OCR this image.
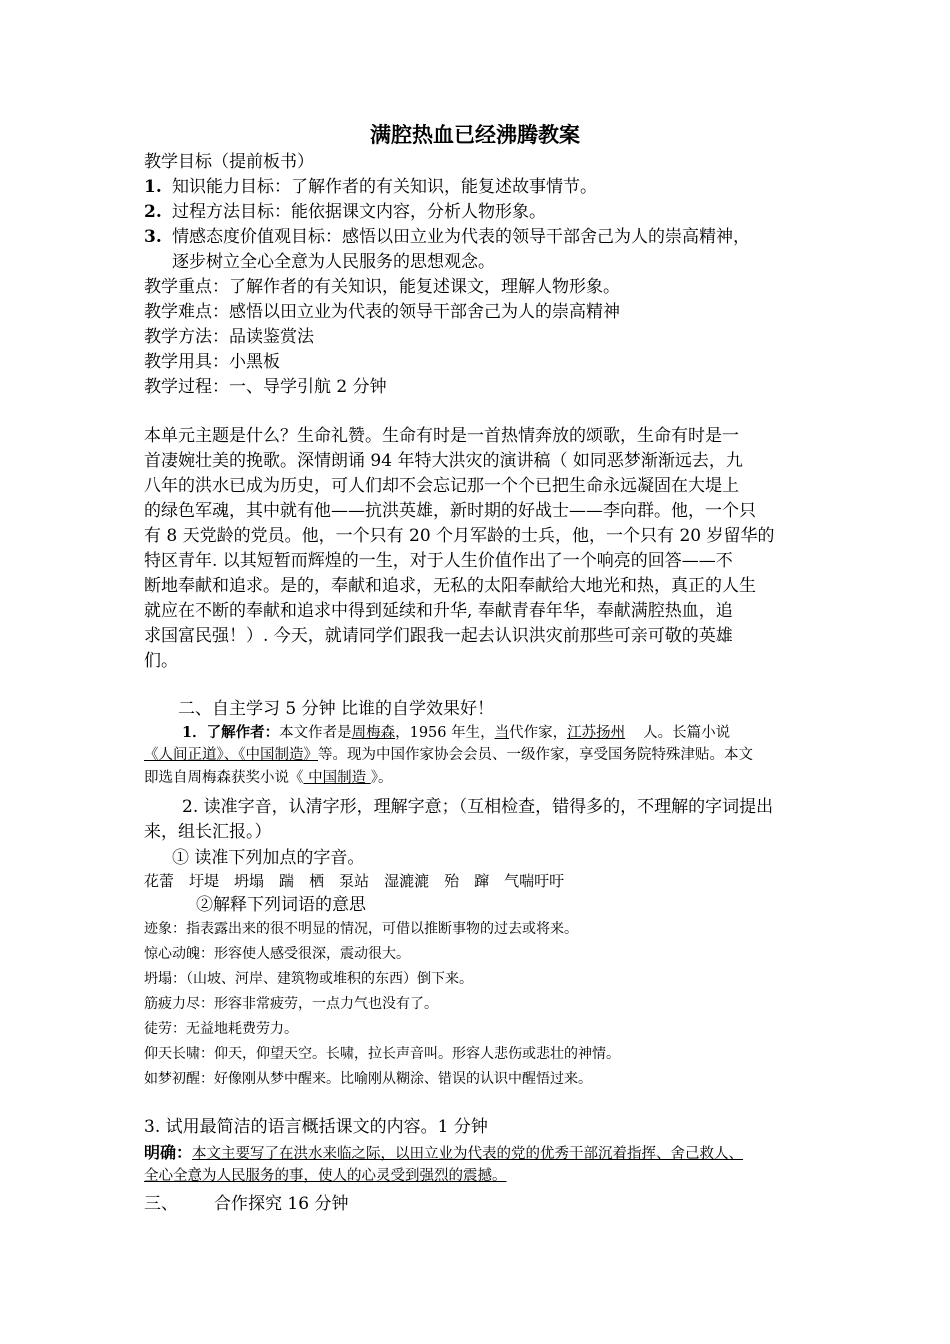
满腔热血已经沸腾教案
教学目标（提前板书）
1. 知识能力目标：了解作者的有关知识，能复述故事情节。
2. 过程方法目标：能依据课文内容，分析人物形象。
3. 情感态度价值观目标：感悟以田立业为代表的领导干部舍己为人的崇高精神，
逐步树立全心全意为人民服务的思想观念。
教学重点：了解作者的有关知识，能复述课文，理解人物形象。
教学难点：感悟以田立业为代表的领导干部舍己为人的崇高精神
教学方法：品读鉴赏法
教学用具：小黑板
教学过程：一、导学引航 2 分钟
本单元主题是什么？生命礼赞。生命有时是一首热情奔放的颂歌，生命有时是一
首凄婉壮美的挽歌。深情朗诵 94 年特大洪灾的演讲稿（ 如同恶梦渐渐远去，九
八年的洪水已成为历史，可人们却不会忘记那一个个已把生命永远凝固在大堤上
的绿色军魂，其中就有他——抗洪英雄，新时期的好战士——李向群。他，一个只
有 8 天党龄的党员。他，一个只有 20 个月军龄的士兵，他，一个只有 20 岁留华的
特区青年. 以其短暂而辉煌的一生，对于人生价值作出了一个响亮的回答——不
断地奉献和追求。是的，奉献和追求，无私的太阳奉献给大地光和热，真正的人生
就应在不断的奉献和追求中得到延续和升华, 奉献青春年华，奉献满腔热血，追
求国富民强！）. 今天，就请同学们跟我一起去认识洪灾前那些可亲可敬的英雄
们。
二、自主学习 5 分钟 比谁的自学效果好！
1．了解作者：本文作者是周梅森，1956 年生，当代作家，江苏扬州 人。长篇小说
《人间正道》、《中国制造》等。现为中国作家协会会员、一级作家，享受国务院特殊津贴。本文
即选自周梅森获奖小说《 中国制造 》。
2. 读准字音，认清字形，理解字意；（互相检查，错得多的，不理解的字词提出
来，组长汇报。）
① 读准下列加点的字音。
花蕾 圩堤 坍塌 踹 栖 泵站 湿漉漉 殆 蹿 气喘吁吁
②解释下列词语的意思
迹象：指表露出来的很不明显的情况，可借以推断事物的过去或将来。
惊心动魄：形容使人感受很深，震动很大。
坍塌：（山坡、河岸、建筑物或堆积的东西）倒下来。
筋疲力尽：形容非常疲劳，一点力气也没有了。
徒劳：无益地耗费劳力。
仰天长啸：仰天，仰望天空。长啸，拉长声音叫。形容人悲伤或悲壮的神情。
如梦初醒：好像刚从梦中醒来。比喻刚从糊涂、错误的认识中醒悟过来。
3. 试用最简洁的语言概括课文的内容。1 分钟
明确：本文主要写了在洪水来临之际，以田立业为代表的党的优秀干部沉着指挥、舍己救人、
全心全意为人民服务的事，使人的心灵受到强烈的震撼。
三、 合作探究 16 分钟
